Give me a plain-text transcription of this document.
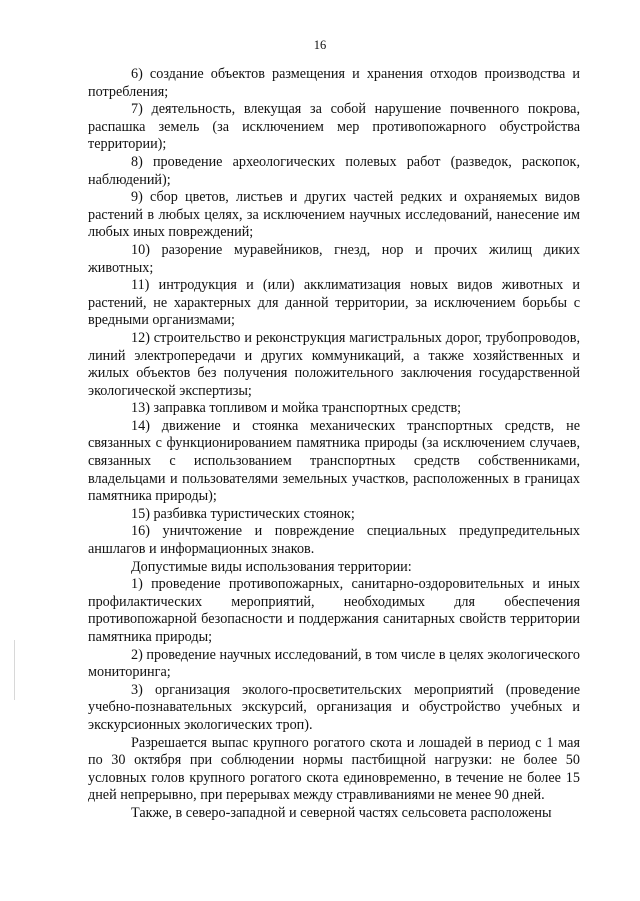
16

6) создание объектов размещения и хранения отходов производства и потребления;

7) деятельность, влекущая за собой нарушение почвенного покрова, распашка земель (за исключением мер противопожарного обустройства территории);

8) проведение археологических полевых работ (разведок, раскопок, наблюдений);

9) сбор цветов, листьев и других частей редких и охраняемых видов растений в любых целях, за исключением научных исследований, нанесение им любых иных повреждений;

10) разорение муравейников, гнезд, нор и прочих жилищ диких животных;

11) интродукция и (или) акклиматизация новых видов животных и растений, не характерных для данной территории, за исключением борьбы с вредными организмами;

12) строительство и реконструкция магистральных дорог, трубопроводов, линий электропередачи и других коммуникаций, а также хозяйственных и жилых объектов без получения положительного заключения государственной экологической экспертизы;

13) заправка топливом и мойка транспортных средств;

14) движение и стоянка механических транспортных средств, не связанных с функционированием памятника природы (за исключением случаев, связанных с использованием транспортных средств собственниками, владельцами и пользователями земельных участков, расположенных в границах памятника природы);

15) разбивка туристических стоянок;

16) уничтожение и повреждение специальных предупредительных аншлагов и информационных знаков.

Допустимые виды использования территории:

1) проведение противопожарных, санитарно-оздоровительных и иных профилактических мероприятий, необходимых для обеспечения противопожарной безопасности и поддержания санитарных свойств территории памятника природы;

2) проведение научных исследований, в том числе в целях экологического мониторинга;

3) организация эколого-просветительских мероприятий (проведение учебно-познавательных экскурсий, организация и обустройство учебных и экскурсионных экологических троп).

Разрешается выпас крупного рогатого скота и лошадей в период с 1 мая по 30 октября при соблюдении нормы пастбищной нагрузки: не более 50 условных голов крупного рогатого скота единовременно, в течение не более 15 дней непрерывно, при перерывах между стравливаниями не менее 90 дней.

Также, в северо-западной и северной частях сельсовета расположены
